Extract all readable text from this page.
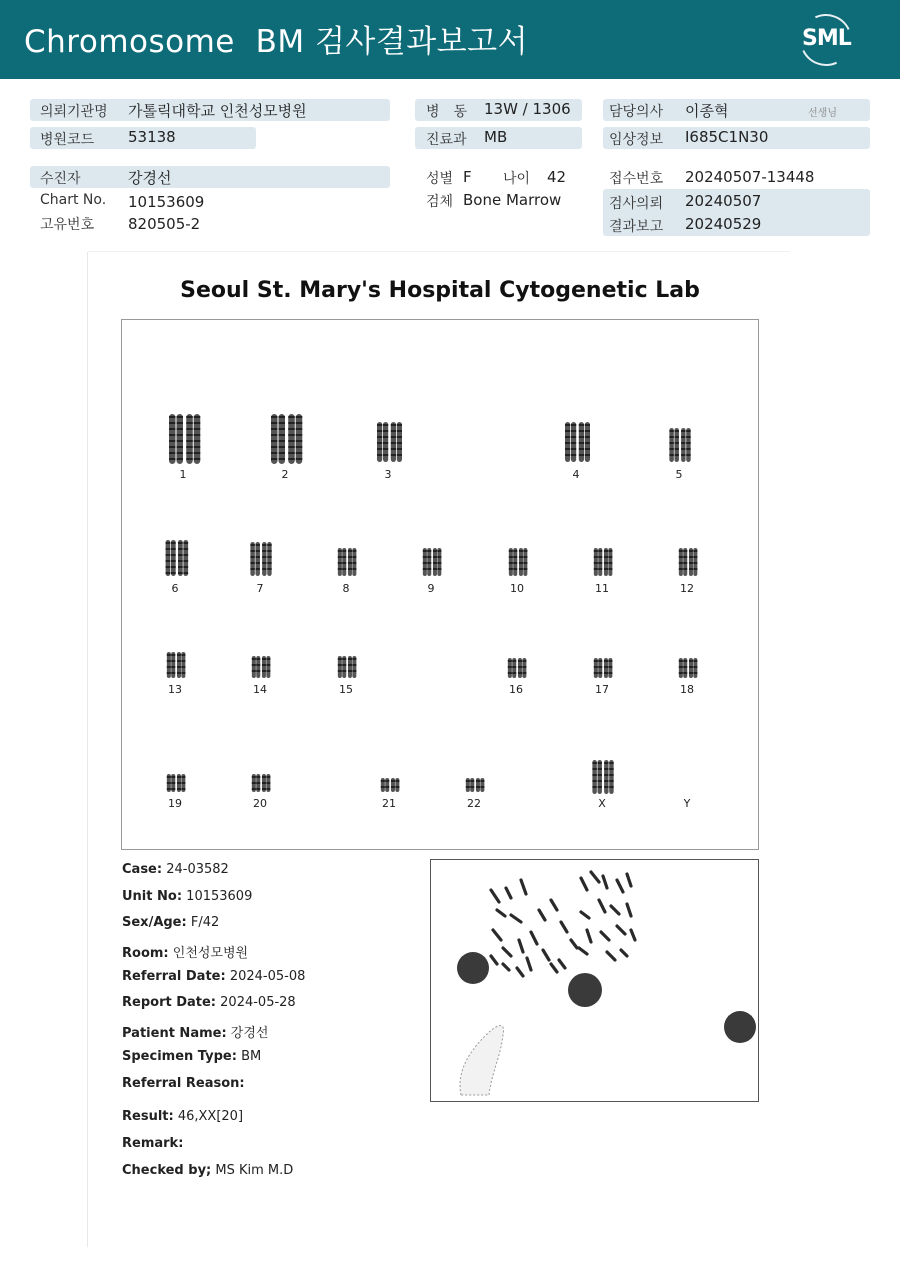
Chromosome  BM 검사결과보고서	SML
의뢰기관명 가톨릭대학교 인천성모병원	병　동 13W / 1306	담당의사 이종혁	선생님
병원코드 53138	진료과 MB	임상정보 I685C1N30
수진자	강경선	성별 F 나이 42	접수번호 20240507-13448
Chart No. 10153609	검체 Bone Marrow	검사의뢰 20240507
고유번호 820505-2	결과보고 20240529
Seoul St. Mary's Hospital Cytogenetic Lab
1	2	3	4	5
6	7	8	9	10	11	12
13	14	15	16	17	18
19	20	21	22	X	Y
Case: 24-03582
Unit No: 10153609
Sex/Age: F/42
Room: 인천성모병원
Referral Date: 2024-05-08
Report Date: 2024-05-28
Patient Name: 강경선
Specimen Type: BM
Referral Reason:
Result: 46,XX[20]
Remark:
Checked by; MS Kim M.D
